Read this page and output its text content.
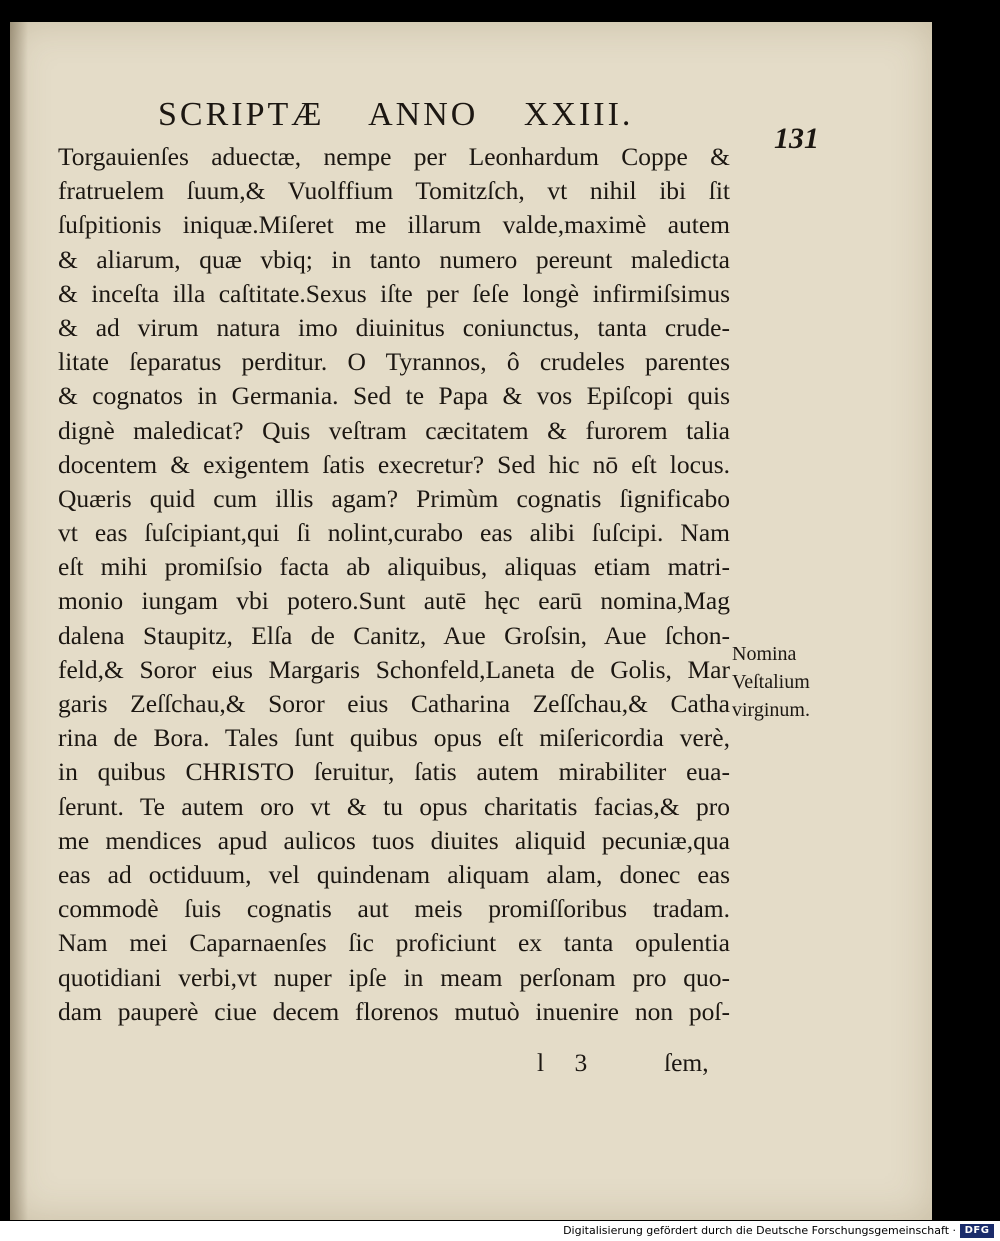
SCRIPTÆ ANNO XXIII.
131
Torgauienſes aduectæ, nempe per Leonhardum Coppe &
fratruelem ſuum,& Vuolffium Tomitzſch, vt nihil ibi ſit
ſuſpitionis iniquæ.Miſeret me illarum valde,maximè autem
& aliarum, quæ vbiq; in tanto numero pereunt maledicta
& inceſta illa caſtitate.Sexus iſte per ſeſe longè infirmiſsimus
& ad virum natura imo diuinitus coniunctus, tanta crude-
litate ſeparatus perditur. O Tyrannos, ô crudeles parentes
& cognatos in Germania. Sed te Papa & vos Epiſcopi quis
dignè maledicat? Quis veſtram cæcitatem & furorem talia
docentem & exigentem ſatis execretur? Sed hic nō eſt locus.
Quæris quid cum illis agam? Primùm cognatis ſignificabo
vt eas ſuſcipiant,qui ſi nolint,curabo eas alibi ſuſcipi. Nam
eſt mihi promiſsio facta ab aliquibus, aliquas etiam matri-
monio iungam vbi potero.Sunt autē hęc earū nomina,Mag
dalena Staupitz, Elſa de Canitz, Aue Groſsin, Aue ſchon-
feld,& Soror eius Margaris Schonfeld,Laneta de Golis, Mar
garis Zeſſchau,& Soror eius Catharina Zeſſchau,& Catha
rina de Bora. Tales ſunt quibus opus eſt miſericordia verè,
in quibus CHRISTO ſeruitur, ſatis autem mirabiliter eua-
ſerunt. Te autem oro vt & tu opus charitatis facias,& pro
me mendices apud aulicos tuos diuites aliquid pecuniæ,qua
eas ad octiduum, vel quindenam aliquam alam, donec eas
commodè ſuis cognatis aut meis promiſſoribus tradam.
Nam mei Caparnaenſes ſic proficiunt ex tanta opulentia
quotidiani verbi,vt nuper ipſe in meam perſonam pro quo-
dam pauperè ciue decem florenos mutuò inuenire non poſ-
Nomina
Veſtalium
virginum.
l 3	ſem,
Digitalisierung gefördert durch die Deutsche Forschungsgemeinschaft · DFG
